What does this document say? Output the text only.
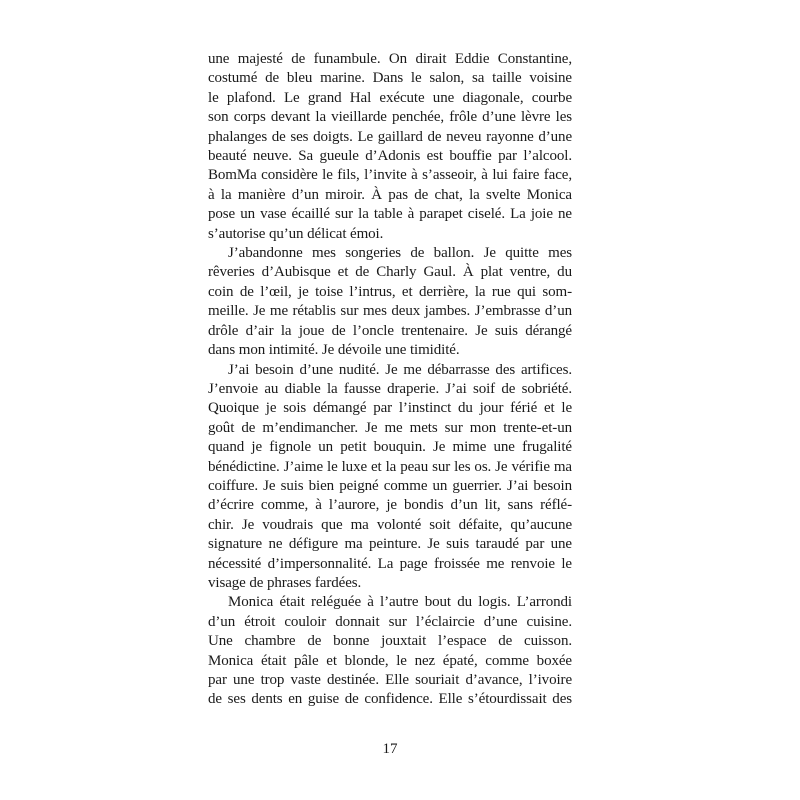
une majesté de funambule. On dirait Eddie Constantine,
costumé de bleu marine. Dans le salon, sa taille voisine
le plafond. Le grand Hal exécute une diagonale, courbe
son corps devant la vieillarde penchée, frôle d’une lèvre les
phalanges de ses doigts. Le gaillard de neveu rayonne d’une
beauté neuve. Sa gueule d’Adonis est bouffie par l’alcool.
BomMa considère le fils, l’invite à s’asseoir, à lui faire face,
à la manière d’un miroir. À pas de chat, la svelte Monica
pose un vase écaillé sur la table à parapet ciselé. La joie ne
s’autorise qu’un délicat émoi.
J’abandonne mes songeries de ballon. Je quitte mes
rêveries d’Aubisque et de Charly Gaul. À plat ventre, du
coin de l’œil, je toise l’intrus, et derrière, la rue qui som-
meille. Je me rétablis sur mes deux jambes. J’embrasse d’un
drôle d’air la joue de l’oncle trentenaire. Je suis dérangé
dans mon intimité. Je dévoile une timidité.
J’ai besoin d’une nudité. Je me débarrasse des artifices.
J’envoie au diable la fausse draperie. J’ai soif de sobriété.
Quoique je sois démangé par l’instinct du jour férié et le
goût de m’endimancher. Je me mets sur mon trente-et-un
quand je fignole un petit bouquin. Je mime une frugalité
bénédictine. J’aime le luxe et la peau sur les os. Je vérifie ma
coiffure. Je suis bien peigné comme un guerrier. J’ai besoin
d’écrire comme, à l’aurore, je bondis d’un lit, sans réflé-
chir. Je voudrais que ma volonté soit défaite, qu’aucune
signature ne défigure ma peinture. Je suis taraudé par une
nécessité d’impersonnalité. La page froissée me renvoie le
visage de phrases fardées.
Monica était reléguée à l’autre bout du logis. L’arrondi
d’un étroit couloir donnait sur l’éclaircie d’une cuisine.
Une chambre de bonne jouxtait l’espace de cuisson.
Monica était pâle et blonde, le nez épaté, comme boxée
par une trop vaste destinée. Elle souriait d’avance, l’ivoire
de ses dents en guise de confidence. Elle s’étourdissait des
17
